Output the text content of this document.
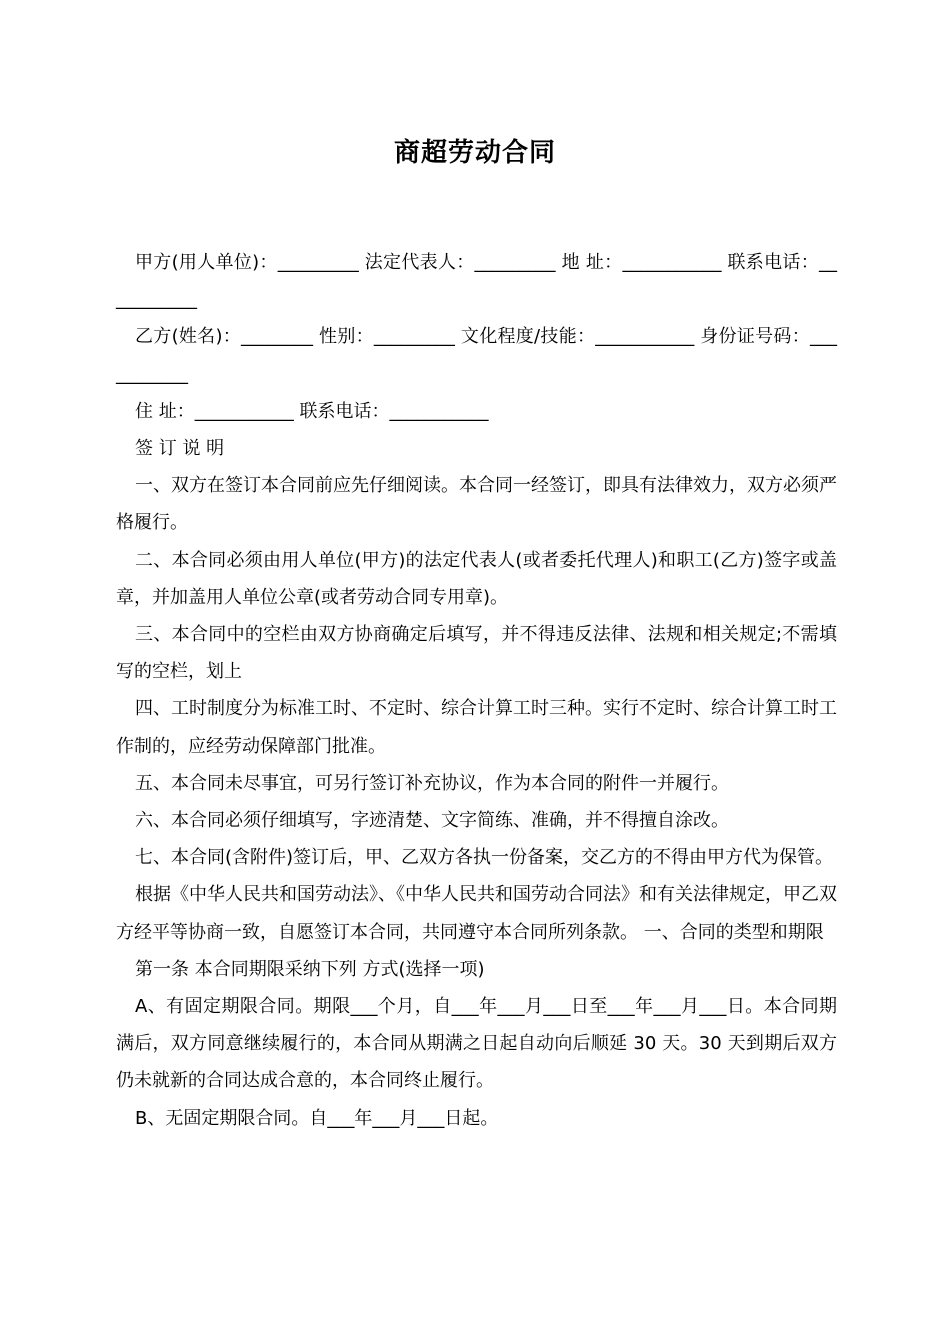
商超劳动合同

甲方(用人单位)：_________ 法定代表人：_________ 地 址：___________ 联系电话：___________

乙方(姓名)：________ 性别：_________ 文化程度/技能：___________ 身份证号码：___________

住 址：___________ 联系电话：___________

签 订 说 明

一、双方在签订本合同前应先仔细阅读。本合同一经签订，即具有法律效力，双方必须严格履行。

二、本合同必须由用人单位(甲方)的法定代表人(或者委托代理人)和职工(乙方)签字或盖章，并加盖用人单位公章(或者劳动合同专用章)。

三、本合同中的空栏由双方协商确定后填写，并不得违反法律、法规和相关规定;不需填写的空栏，划上

四、工时制度分为标准工时、不定时、综合计算工时三种。实行不定时、综合计算工时工作制的，应经劳动保障部门批准。

五、本合同未尽事宜，可另行签订补充协议，作为本合同的附件一并履行。

六、本合同必须仔细填写，字迹清楚、文字简练、准确，并不得擅自涂改。

七、本合同(含附件)签订后，甲、乙双方各执一份备案，交乙方的不得由甲方代为保管。

根据《中华人民共和国劳动法》、《中华人民共和国劳动合同法》和有关法律规定，甲乙双方经平等协商一致，自愿签订本合同，共同遵守本合同所列条款。 一、合同的类型和期限

第一条 本合同期限采纳下列 方式(选择一项)

A、有固定期限合同。期限___个月，自___年___月___日至___年___月___日。本合同期满后，双方同意继续履行的，本合同从期满之日起自动向后顺延 30 天。30 天到期后双方仍未就新的合同达成合意的，本合同终止履行。

B、无固定期限合同。自___年___月___日起。
